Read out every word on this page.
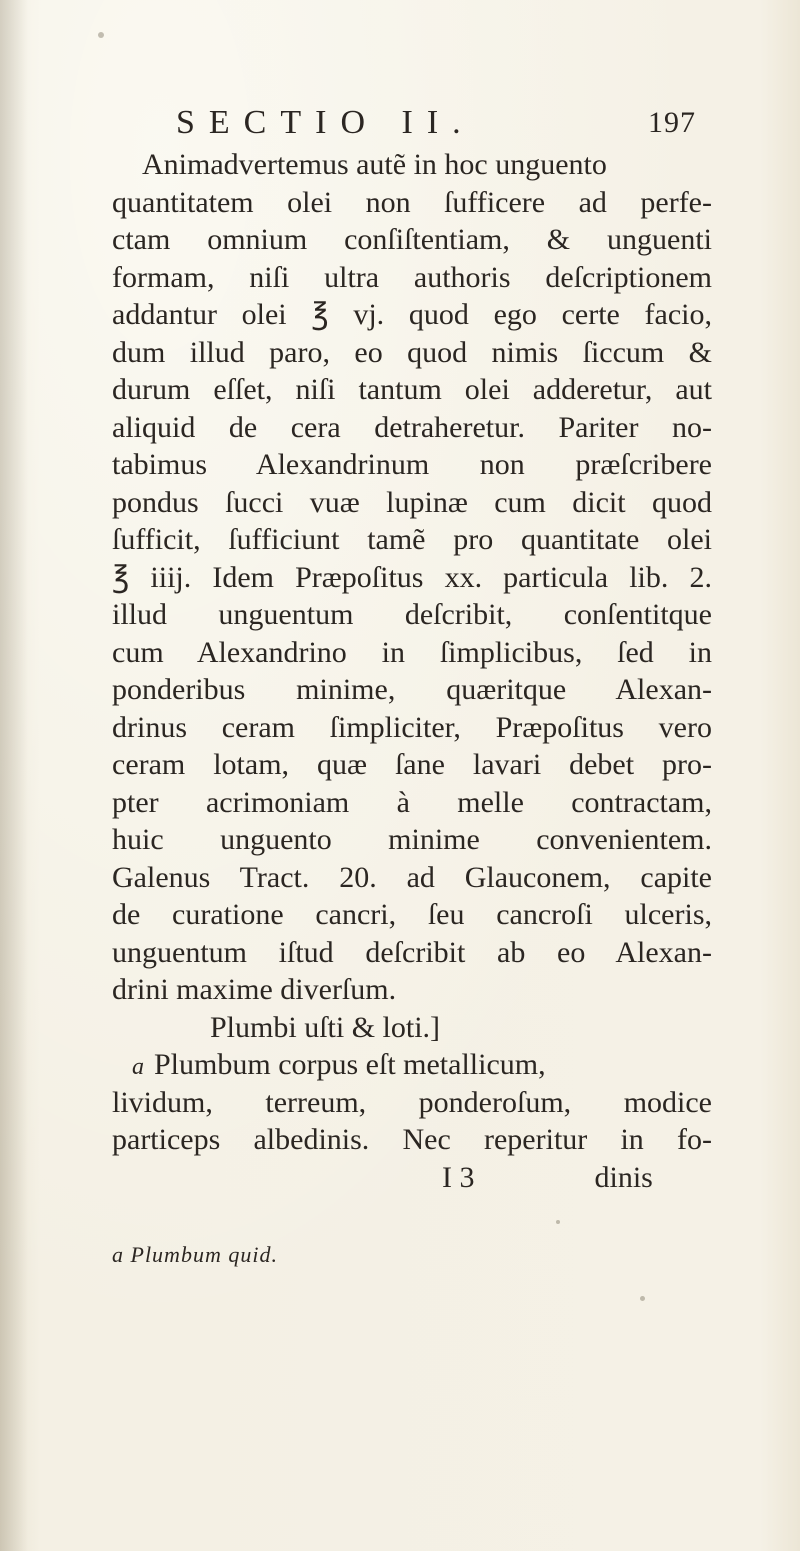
SECTIO II.	197
Animadvertemus autẽ in hoc unguento
quantitatem olei non ſufficere ad perfe-
ctam omnium conſiſtentiam, & unguenti
formam, niſi ultra authoris deſcriptionem
addantur olei ℥ vj. quod ego certe facio,
dum illud paro, eo quod nimis ſiccum &
durum eſſet, niſi tantum olei adderetur, aut
aliquid de cera detraheretur. Pariter no-
tabimus Alexandrinum non præſcribere
pondus ſucci vuæ lupinæ cum dicit quod
ſufficit, ſufficiunt tamẽ pro quantitate olei
℥ iiij. Idem Præpoſitus xx. particula lib. 2.
illud unguentum deſcribit, conſentitque
cum Alexandrino in ſimplicibus, ſed in
ponderibus minime, quæritque Alexan-
drinus ceram ſimpliciter, Præpoſitus vero
ceram lotam, quæ ſane lavari debet pro-
pter acrimoniam à melle contractam,
huic unguento minime convenientem.
Galenus Tract. 20. ad Glauconem, capite
de curatione cancri, ſeu cancroſi ulceris,
unguentum iſtud deſcribit ab eo Alexan-
drini maxime diverſum.
Plumbi uſti & loti.]
a Plumbum corpus eſt metallicum,
lividum, terreum, ponderoſum, modice
particeps albedinis. Nec reperitur in fo-
I 3	dinis
a Plumbum quid.
